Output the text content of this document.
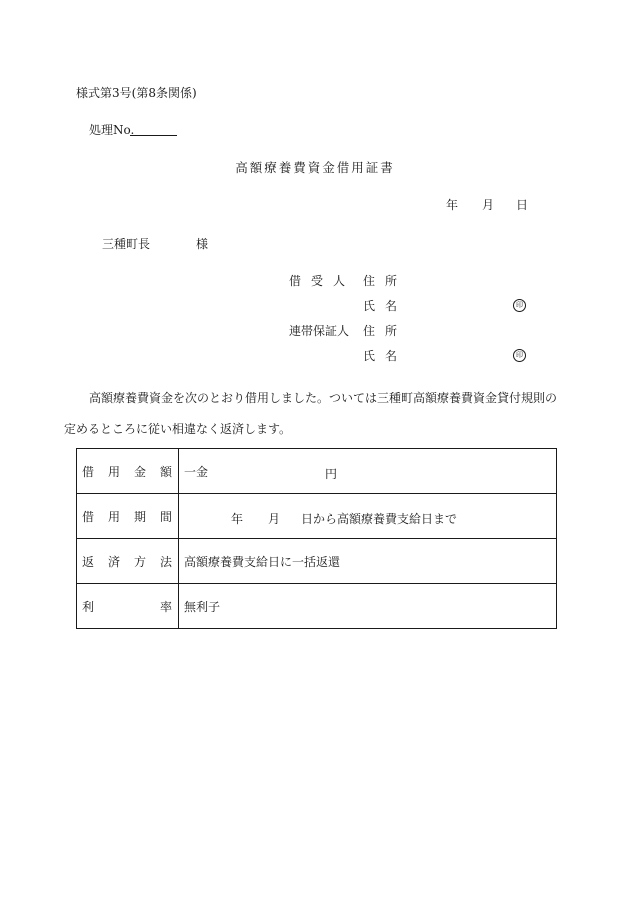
様式第3号(第8条関係)
処理No.
高額療養費資金借用証書
年 月 日
三種町長	様
借 受 人 住 所
氏 名	印
連帯保証人 住 所
氏 名	印
高額療養費資金を次のとおり借用しました。ついては三種町高額療養費資金貸付規則の
定めるところに従い相違なく返済します。
借 用 金 額	一金 円

借 用 期 間	年 月 日から高額療養費支給日まで

返 済 方 法	高額療養費支給日に一括返還

利 率	無利子
